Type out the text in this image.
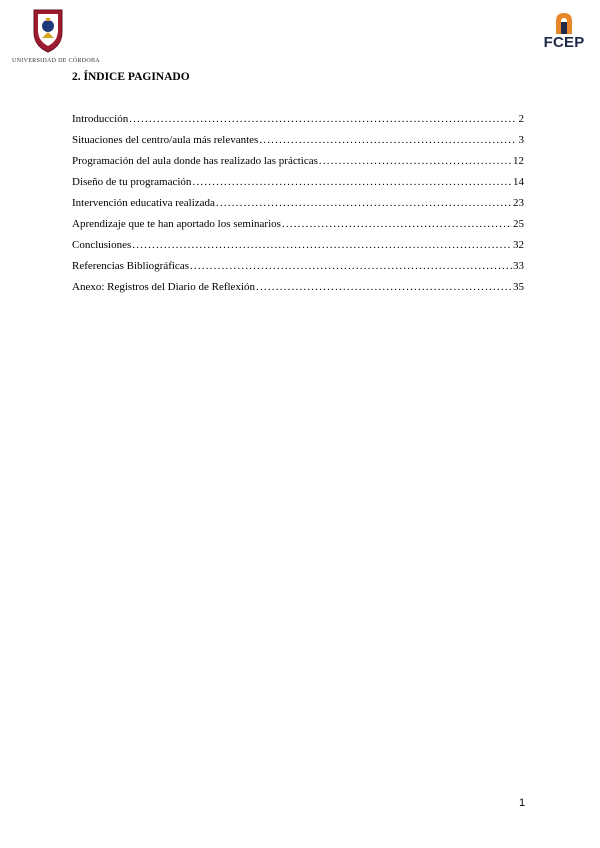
UNIVERSIDAD DE CÓRDOBA
FCEP
2. ÍNDICE PAGINADO
Introducción .....	2
Situaciones del centro/aula más relevantes .....	3
Programación del aula donde has realizado las prácticas .....	12
Diseño de tu programación .....	14
Intervención educativa realizada .....	23
Aprendizaje que te han aportado los seminarios .....	25
Conclusiones .....	32
Referencias Bibliográficas .....	33
Anexo: Registros del Diario de Reflexión .....	35
1
